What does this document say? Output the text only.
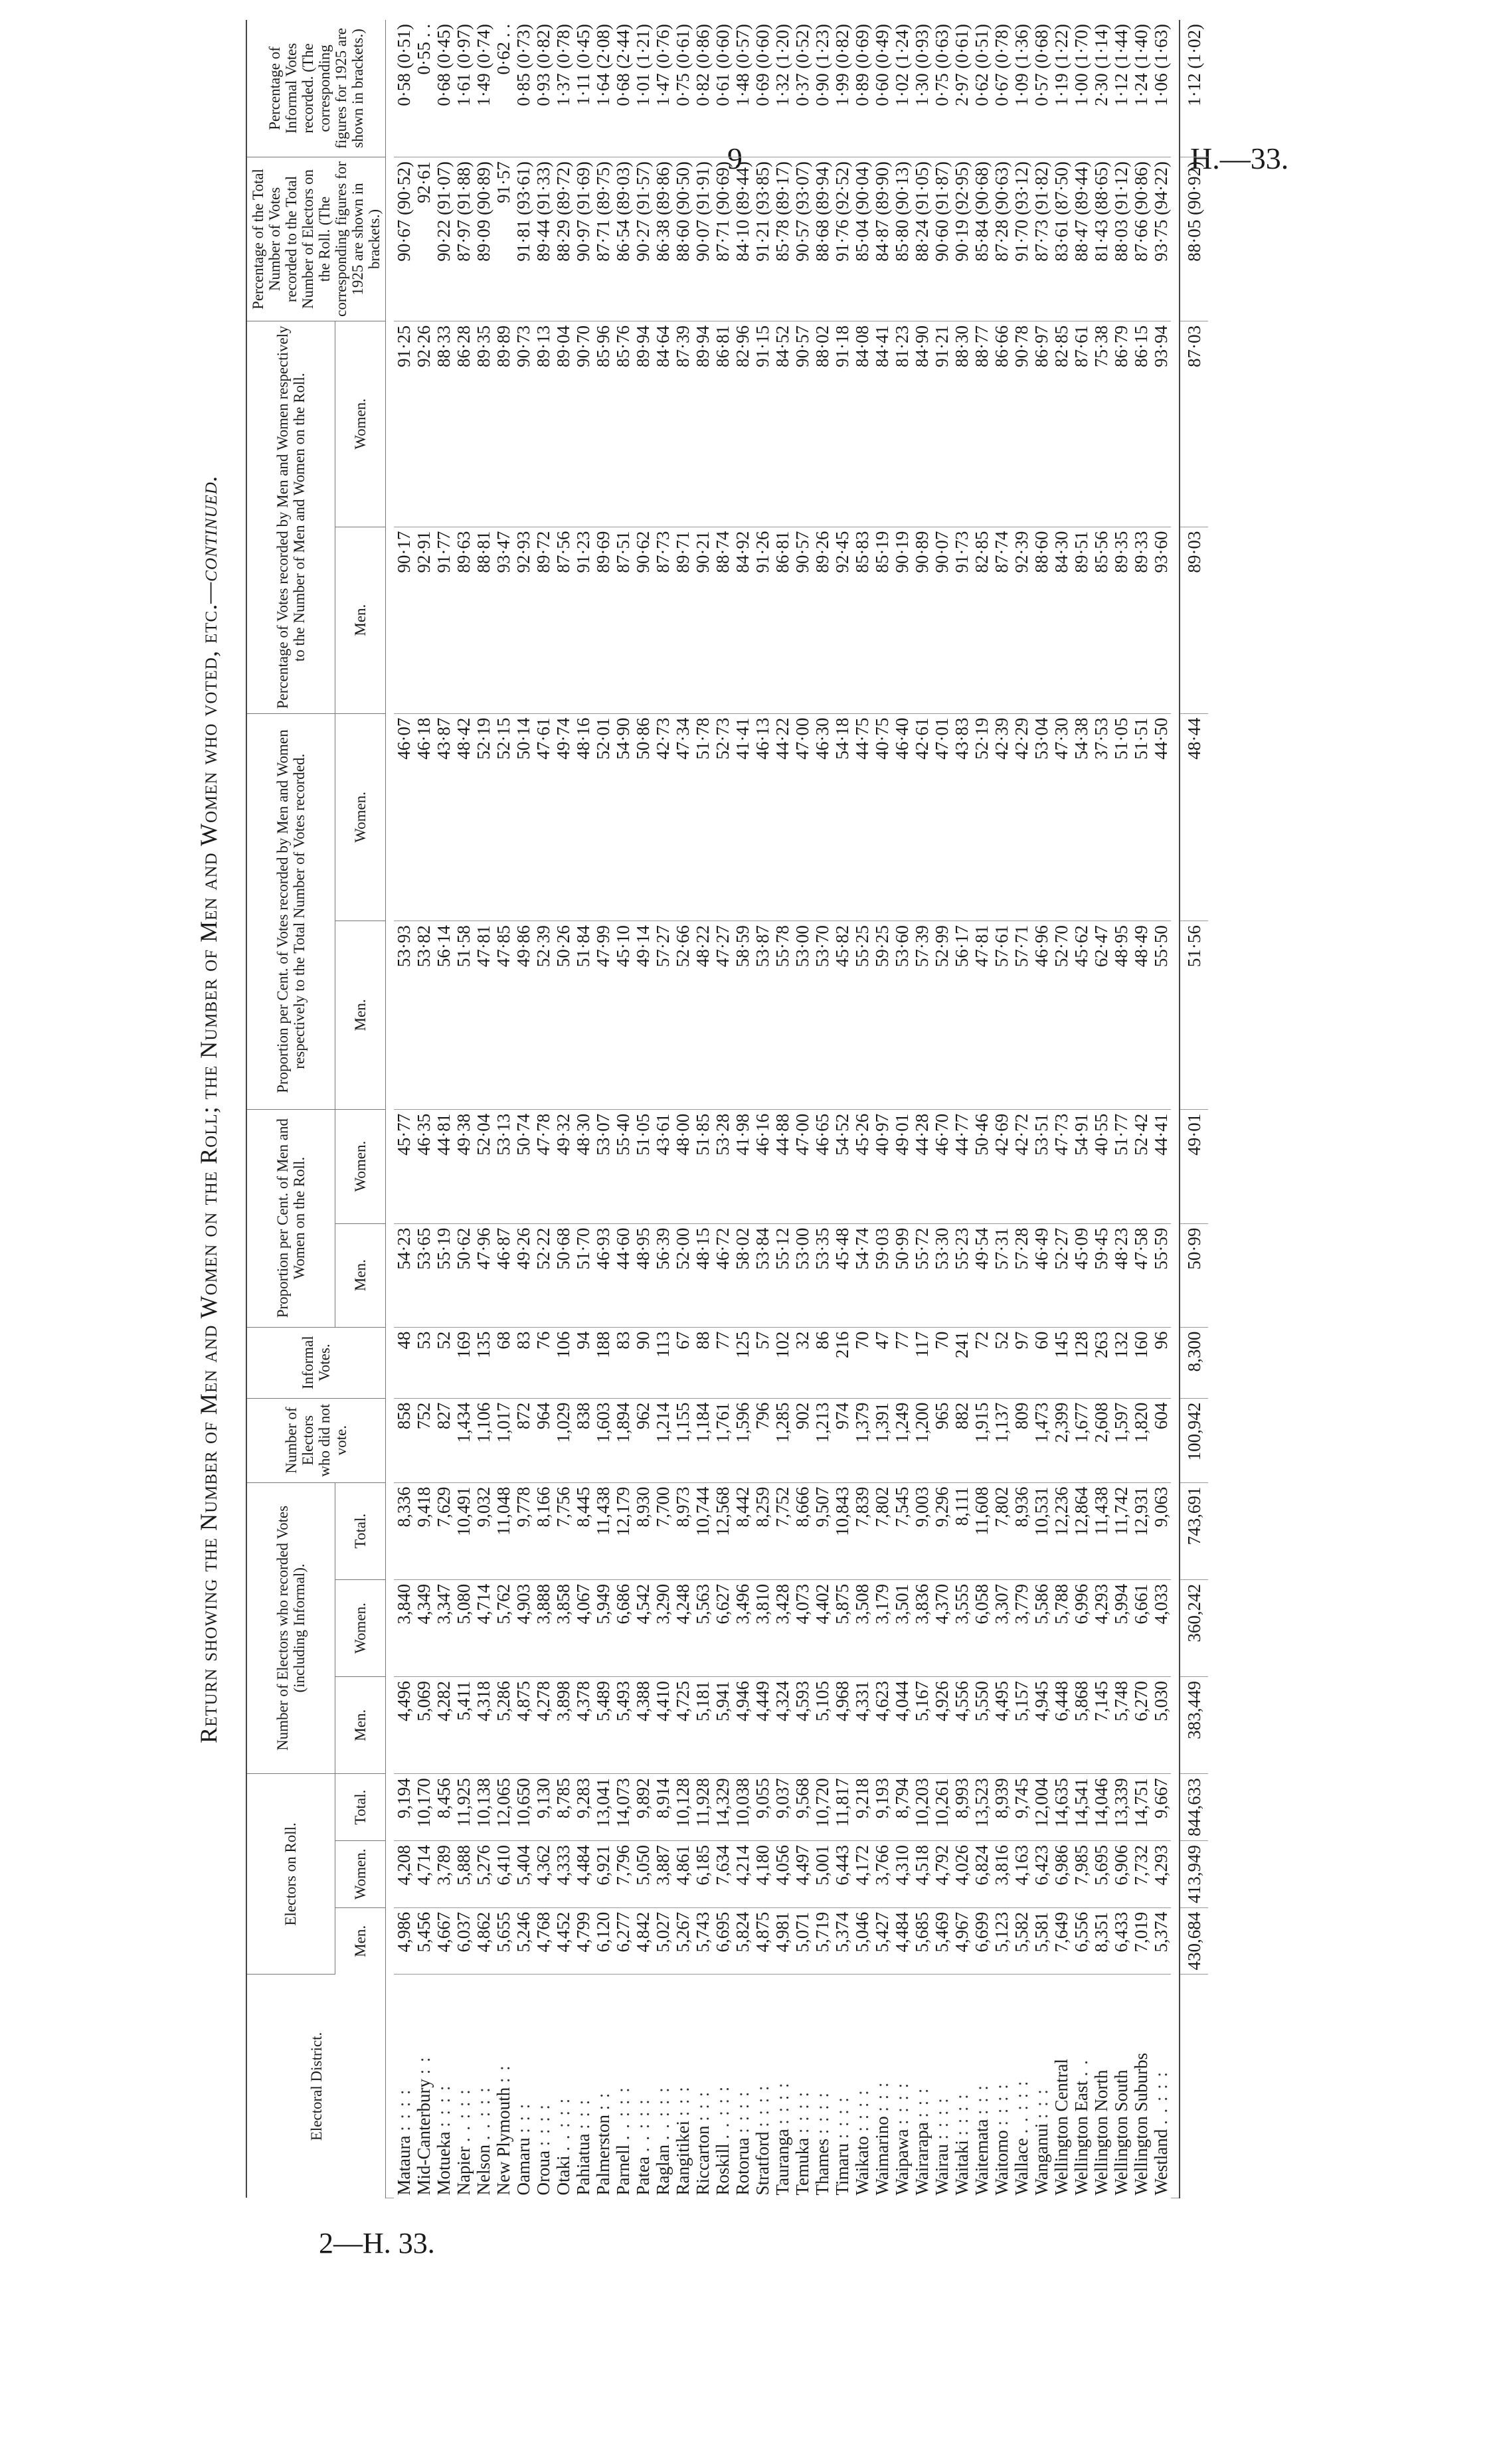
9	H.—33.
2—H. 33.
Return showing the Number of Men and Women on the Roll; the Number of Men and Women who voted, etc.—continued.
Electoral District.	Electors on Roll.			Number of Electors who recorded Votes (including Informal).			Number of Electors who did not vote.	Informal Votes.	Proportion per Cent. of Men and Women on the Roll.		Proportion per Cent. of Votes recorded by Men and Women respectively to the Total Number of Votes recorded.		Percentage of Votes recorded by Men and Women respectively to the Number of Men and Women on the Roll.		Percentage of the Total Number of Votes recorded to the Total Number of Electors on the Roll. (The corresponding figures for 1925 are shown in brackets.)	Percentage of Informal Votes recorded. (The corresponding figures for 1925 are shown in brackets.)
	Men.	Women.	Total.	Men.	Women.	Total.			Men.	Women.	Men.	Women.	Men.	Women.		

Mataura : : : :	4,986	4,208	9,194	4,496	3,840	8,336	858	48	54·23	45·77	53·93	46·07	90·17	91·25	90·67 (90·52)	0·58 (0·51)
Mid-Canterbury : :	5,456	4,714	10,170	5,069	4,349	9,418	752	53	53·65	46·35	53·82	46·18	92·91	92·26	92·61	0·55 . .
Motueka : : : :	4,667	3,789	8,456	4,282	3,347	7,629	827	52	55·19	44·81	56·14	43·87	91·77	88·33	90·22 (91·07)	0·68 (0·45)
Napier . . : : :	6,037	5,888	11,925	5,411	5,080	10,491	1,434	169	50·62	49·38	51·58	48·42	89·63	86·28	87·97 (91·88)	1·61 (0·97)
Nelson . . : : :	4,862	5,276	10,138	4,318	4,714	9,032	1,106	135	47·96	52·04	47·81	52·19	88·81	89·35	89·09 (90·89)	1·49 (0·74)
New Plymouth : :	5,655	6,410	12,065	5,286	5,762	11,048	1,017	68	46·87	53·13	47·85	52·15	93·47	89·89	91·57	0·62 . .
Oamaru : : :	5,246	5,404	10,650	4,875	4,903	9,778	872	83	49·26	50·74	49·86	50·14	92·93	90·73	91·81 (93·61)	0·85 (0·73)
Oroua : : : :	4,768	4,362	9,130	4,278	3,888	8,166	964	76	52·22	47·78	52·39	47·61	89·72	89·13	89·44 (91·33)	0·93 (0·82)
Otaki . . : : :	4,452	4,333	8,785	3,898	3,858	7,756	1,029	106	50·68	49·32	50·26	49·74	87·56	89·04	88·29 (89·72)	1·37 (0·78)
Pahiatua : : :	4,799	4,484	9,283	4,378	4,067	8,445	838	94	51·70	48·30	51·84	48·16	91·23	90·70	90·97 (91·69)	1·11 (0·45)
Palmerston : :	6,120	6,921	13,041	5,489	5,949	11,438	1,603	188	46·93	53·07	47·99	52·01	89·69	85·96	87·71 (89·75)	1·64 (2·08)
Parnell . . : : :	6,277	7,796	14,073	5,493	6,686	12,179	1,894	83	44·60	55·40	45·10	54·90	87·51	85·76	86·54 (89·03)	0·68 (2·44)
Patea . . : : :	4,842	5,050	9,892	4,388	4,542	8,930	962	90	48·95	51·05	49·14	50·86	90·62	89·94	90·27 (91·57)	1·01 (1·21)
Raglan . . : : :	5,027	3,887	8,914	4,410	3,290	7,700	1,214	113	56·39	43·61	57·27	42·73	87·73	84·64	86·38 (89·86)	1·47 (0·76)
Rangitikei : : :	5,267	4,861	10,128	4,725	4,248	8,973	1,155	67	52·00	48·00	52·66	47·34	89·71	87·39	88·60 (90·50)	0·75 (0·61)
Riccarton : : :	5,743	6,185	11,928	5,181	5,563	10,744	1,184	88	48·15	51·85	48·22	51·78	90·21	89·94	90·07 (91·91)	0·82 (0·86)
Roskill . . : : :	6,695	7,634	14,329	5,941	6,627	12,568	1,761	77	46·72	53·28	47·27	52·73	88·74	86·81	87·71 (90·69)	0·61 (0·60)
Rotorua : : : :	5,824	4,214	10,038	4,946	3,496	8,442	1,596	125	58·02	41·98	58·59	41·41	84·92	82·96	84·10 (89·44)	1·48 (0·57)
Stratford : : : :	4,875	4,180	9,055	4,449	3,810	8,259	796	57	53·84	46·16	53·87	46·13	91·26	91·15	91·21 (93·85)	0·69 (0·60)
Tauranga : : : :	4,981	4,056	9,037	4,324	3,428	7,752	1,285	102	55·12	44·88	55·78	44·22	86·81	84·52	85·78 (89·17)	1·32 (1·20)
Temuka : : : :	5,071	4,497	9,568	4,593	4,073	8,666	902	32	53·00	47·00	53·00	47·00	90·57	90·57	90·57 (93·07)	0·37 (0·52)
Thames : : : :	5,719	5,001	10,720	5,105	4,402	9,507	1,213	86	53·35	46·65	53·70	46·30	89·26	88·02	88·68 (89·94)	0·90 (1·23)
Timaru : : : :	5,374	6,443	11,817	4,968	5,875	10,843	974	216	45·48	54·52	45·82	54·18	92·45	91·18	91·76 (92·52)	1·99 (0·82)
Waikato : : : :	5,046	4,172	9,218	4,331	3,508	7,839	1,379	70	54·74	45·26	55·25	44·75	85·83	84·08	85·04 (90·04)	0·89 (0·69)
Waimarino : : :	5,427	3,766	9,193	4,623	3,179	7,802	1,391	47	59·03	40·97	59·25	40·75	85·19	84·41	84·87 (89·90)	0·60 (0·49)
Waipawa : : : :	4,484	4,310	8,794	4,044	3,501	7,545	1,249	77	50·99	49·01	53·60	46·40	90·19	81·23	85·80 (90·13)	1·02 (1·24)
Wairarapa : : :	5,685	4,518	10,203	5,167	3,836	9,003	1,200	117	55·72	44·28	57·39	42·61	90·89	84·90	88·24 (91·05)	1·30 (0·93)
Wairau : : : :	5,469	4,792	10,261	4,926	4,370	9,296	965	70	53·30	46·70	52·99	47·01	90·07	91·21	90·60 (91·87)	0·75 (0·63)
Waitaki : : : :	4,967	4,026	8,993	4,556	3,555	8,111	882	241	55·23	44·77	56·17	43·83	91·73	88·30	90·19 (92·95)	2·97 (0·61)
Waitemata : : :	6,699	6,824	13,523	5,550	6,058	11,608	1,915	72	49·54	50·46	47·81	52·19	82·85	88·77	85·84 (90·68)	0·62 (0·51)
Waitomo : : : :	5,123	3,816	8,939	4,495	3,307	7,802	1,137	52	57·31	42·69	57·61	42·39	87·74	86·66	87·28 (90·63)	0·67 (0·78)
Wallace . . : : :	5,582	4,163	9,745	5,157	3,779	8,936	809	97	57·28	42·72	57·71	42·29	92·39	90·78	91·70 (93·12)	1·09 (1·36)
Wanganui : : :	5,581	6,423	12,004	4,945	5,586	10,531	1,473	60	46·49	53·51	46·96	53·04	88·60	86·97	87·73 (91·82)	0·57 (0·68)
Wellington Central	7,649	6,986	14,635	6,448	5,788	12,236	2,399	145	52·27	47·73	52·70	47·30	84·30	82·85	83·61 (87·50)	1·19 (1·22)
Wellington East . .	6,556	7,985	14,541	5,868	6,996	12,864	1,677	128	45·09	54·91	45·62	54·38	89·51	87·61	88·47 (89·44)	1·00 (1·70)
Wellington North	8,351	5,695	14,046	7,145	4,293	11,438	2,608	263	59·45	40·55	62·47	37·53	85·56	75·38	81·43 (88·65)	2·30 (1·14)
Wellington South	6,433	6,906	13,339	5,748	5,994	11,742	1,597	132	48·23	51·77	48·95	51·05	89·35	86·79	88·03 (91·12)	1·12 (1·44)
Wellington Suburbs	7,019	7,732	14,751	6,270	6,661	12,931	1,820	160	47·58	52·42	48·49	51·51	89·33	86·15	87·66 (90·86)	1·24 (1·40)
Westland . . : : :	5,374	4,293	9,667	5,030	4,033	9,063	604	96	55·59	44·41	55·50	44·50	93·60	93·94	93·75 (94·22)	1·06 (1·63)

	430,684	413,949	844,633	383,449	360,242	743,691	100,942	8,300	50·99	49·01	51·56	48·44	89·03	87·03	88·05 (90·92)	1·12 (1·02)
